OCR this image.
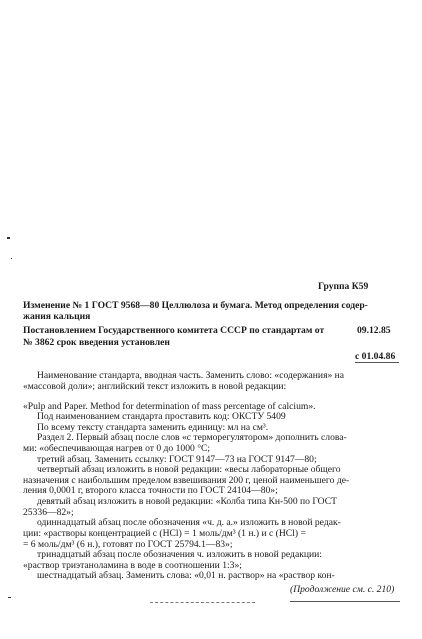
Группа К59
Изменение № 1 ГОСТ 9568—80 Целлюлоза и бумага. Метод определения содер-
жания кальция
Постановлением Государственного комитета СССР по стандартам от	09.12.85
№ 3862 срок введения установлен
с 01.04.86
Наименование стандарта, вводная часть. Заменить слово: «содержания» на
«массовой доли»; английский текст изложить в новой редакции:
«Pulp and Paper. Method for determination of mass percentage of calcium».
Под наименованием стандарта проставить код: ОКСТУ 5409
По всему тексту стандарта заменить единицу: мл на см³.
Раздел 2. Первый абзац после слов «с терморегулятором» дополнить слова-
ми: «обеспечивающая нагрев от 0 до 1000 °С;
третий абзац. Заменить ссылку: ГОСТ 9147—73 на ГОСТ 9147—80;
четвертый абзац изложить в новой редакции: «весы лабораторные общего
назначения с наибольшим пределом взвешивания 200 г, ценой наименьшего де-
ления 0,0001 г, второго класса точности по ГОСТ 24104—80»;
девятый абзац изложить в новой редакции: «Колба типа Кн-500 по ГОСТ
25336—82»;
одиннадцатый абзац после обозначения «ч. д. а.» изложить в новой редак-
ции: «растворы концентрацией с (HCl) = 1 моль/дм³ (1 н.) и с (HCl) =
= 6 моль/дм³ (6 н.), готовят по ГОСТ 25794.1—83»;
тринадцатый абзац после обозначения ч. изложить в новой редакции:
«раствор триэтаноламина в воде в соотношении 1:3»;
шестнадцатый абзац. Заменить слова: «0,01 н. раствор» на «раствор кон-
(Продолжение см. с. 210)
